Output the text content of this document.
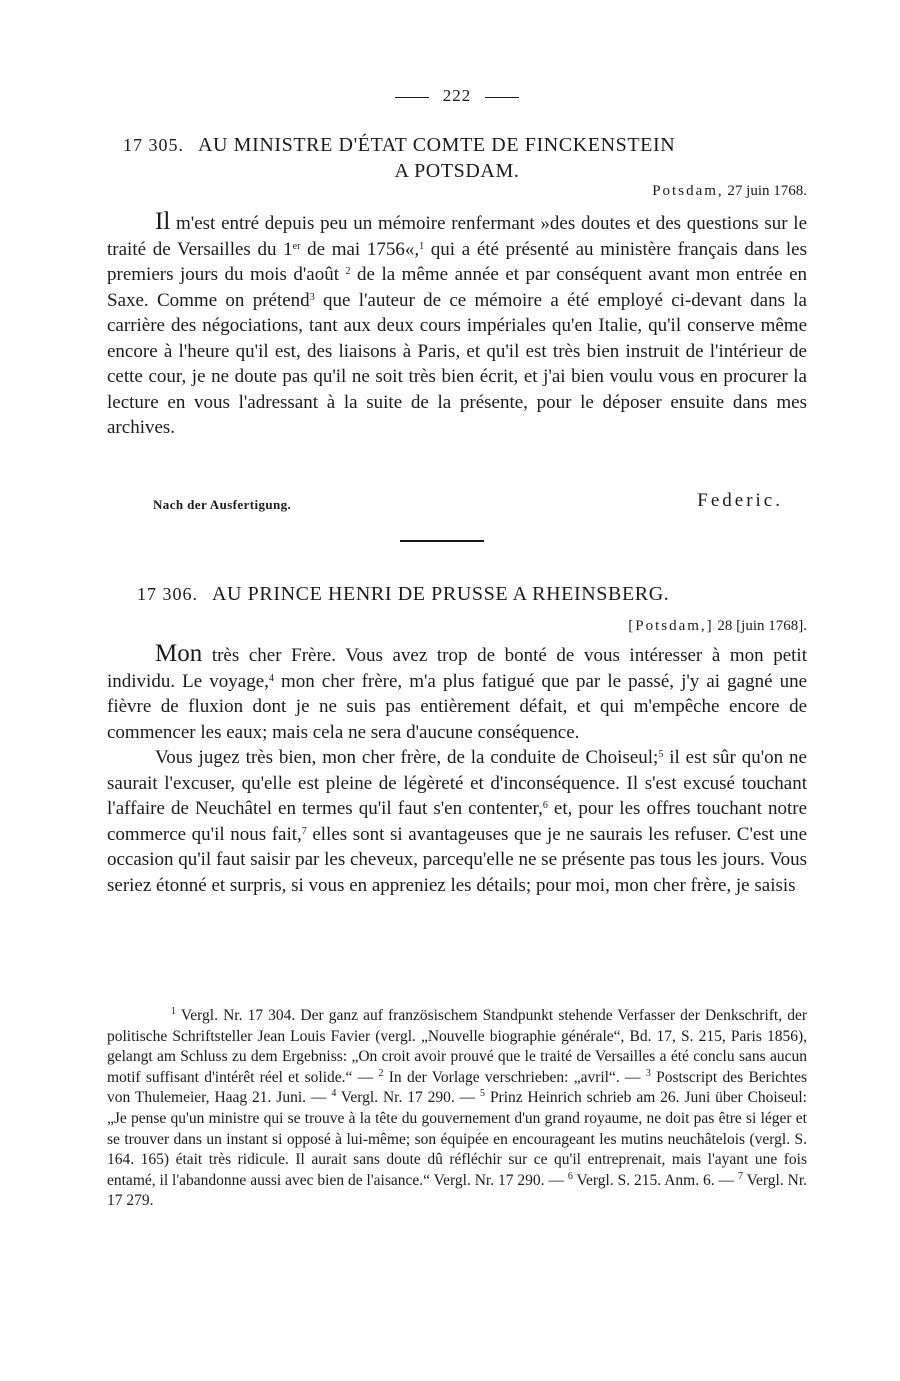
222
17 305. AU MINISTRE D'ÉTAT COMTE DE FINCKENSTEIN
A POTSDAM.
Potsdam, 27 juin 1768.
Il m'est entré depuis peu un mémoire renfermant »des doutes et des questions sur le traité de Versailles du 1er de mai 1756«,$^1$ qui a été présenté au ministère français dans les premiers jours du mois d'août $^2$ de la même année et par conséquent avant mon entrée en Saxe. Comme on prétend$^3$ que l'auteur de ce mémoire a été employé ci-devant dans la carrière des négociations, tant aux deux cours impériales qu'en Italie, qu'il conserve même encore à l'heure qu'il est, des liaisons à Paris, et qu'il est très bien instruit de l'intérieur de cette cour, je ne doute pas qu'il ne soit très bien écrit, et j'ai bien voulu vous en procurer la lecture en vous l'adressant à la suite de la présente, pour le déposer ensuite dans mes archives.
Nach der Ausfertigung.	Federic.
17 306. AU PRINCE HENRI DE PRUSSE A RHEINSBERG.
[Potsdam,] 28 [juin 1768].
Mon très cher Frère. Vous avez trop de bonté de vous intéresser à mon petit individu. Le voyage,$^4$ mon cher frère, m'a plus fatigué que par le passé, j'y ai gagné une fièvre de fluxion dont je ne suis pas entièrement défait, et qui m'empêche encore de commencer les eaux; mais cela ne sera d'aucune conséquence.
Vous jugez très bien, mon cher frère, de la conduite de Choiseul;$^5$ il est sûr qu'on ne saurait l'excuser, qu'elle est pleine de légèreté et d'inconséquence. Il s'est excusé touchant l'affaire de Neuchâtel en termes qu'il faut s'en contenter,$^6$ et, pour les offres touchant notre commerce qu'il nous fait,$^7$ elles sont si avantageuses que je ne saurais les refuser. C'est une occasion qu'il faut saisir par les cheveux, parcequ'elle ne se présente pas tous les jours. Vous seriez étonné et surpris, si vous en appreniez les détails; pour moi, mon cher frère, je saisis

$^1$ Vergl. Nr. 17 304. Der ganz auf französischem Standpunkt stehende Verfasser der Denkschrift, der politische Schriftsteller Jean Louis Favier (vergl. „Nouvelle biographie générale“, Bd. 17, S. 215, Paris 1856), gelangt am Schluss zu dem Ergebniss: „On croit avoir prouvé que le traité de Versailles a été conclu sans aucun motif suffisant d'intérêt réel et solide.“ — $^2$ In der Vorlage verschrieben: „avril“. — $^3$ Postscript des Berichtes von Thulemeier, Haag 21. Juni. — $^4$ Vergl. Nr. 17 290. — $^5$ Prinz Heinrich schrieb am 26. Juni über Choiseul: „Je pense qu'un ministre qui se trouve à la tête du gouvernement d'un grand royaume, ne doit pas être si léger et se trouver dans un instant si opposé à lui-même; son équipée en encourageant les mutins neuchâtelois (vergl. S. 164. 165) était très ridicule. Il aurait sans doute dû réfléchir sur ce qu'il entreprenait, mais l'ayant une fois entamé, il l'abandonne aussi avec bien de l'aisance.“ Vergl. Nr. 17 290. — $^6$ Vergl. S. 215. Anm. 6. — $^7$ Vergl. Nr. 17 279.
